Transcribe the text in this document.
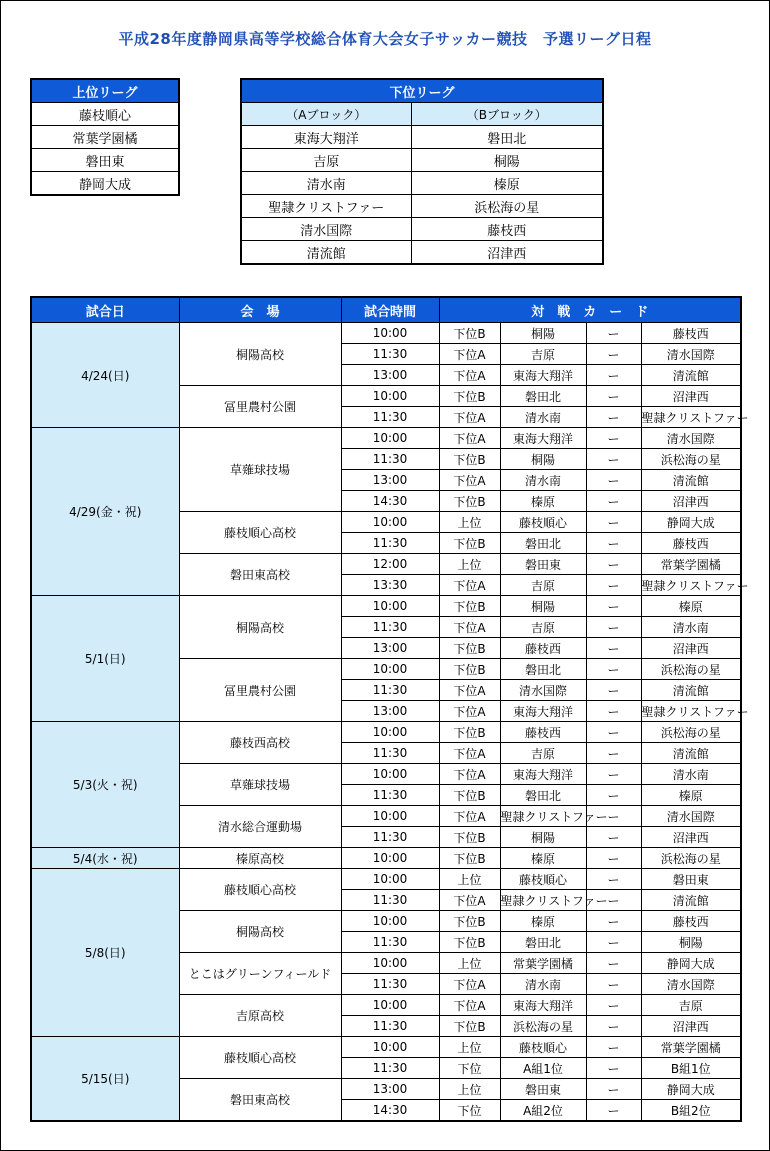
平成28年度静岡県高等学校総合体育大会女子サッカー競技　予選リーグ日程
上位リーグ
藤枝順心
常葉学園橘
磐田東
静岡大成
下位リーグ	
（Aブロック）	（Bブロック）
東海大翔洋	磐田北
吉原	桐陽
清水南	榛原
聖隷クリストファー	浜松海の星
清水国際	藤枝西
清流館	沼津西
試合日	会　場	試合時間	対　戦　カ　ー　ド			
4/24(日)	桐陽高校	10:00	下位B	桐陽	ー	藤枝西
		11:30	下位A	吉原	ー	清水国際
		13:00	下位A	東海大翔洋	ー	清流館
	冨里農村公園	10:00	下位B	磐田北	ー	沼津西
		11:30	下位A	清水南	ー	聖隷クリストファー
4/29(金・祝)	草薙球技場	10:00	下位A	東海大翔洋	ー	清水国際
		11:30	下位B	桐陽	ー	浜松海の星
		13:00	下位A	清水南	ー	清流館
		14:30	下位B	榛原	ー	沼津西
	藤枝順心高校	10:00	上位	藤枝順心	ー	静岡大成
		11:30	下位B	磐田北	ー	藤枝西
	磐田東高校	12:00	上位	磐田東	ー	常葉学園橘
		13:30	下位A	吉原	ー	聖隷クリストファー
5/1(日)	桐陽高校	10:00	下位B	桐陽	ー	榛原
		11:30	下位A	吉原	ー	清水南
		13:00	下位B	藤枝西	ー	沼津西
	冨里農村公園	10:00	下位B	磐田北	ー	浜松海の星
		11:30	下位A	清水国際	ー	清流館
		13:00	下位A	東海大翔洋	ー	聖隷クリストファー
5/3(火・祝)	藤枝西高校	10:00	下位B	藤枝西	ー	浜松海の星
		11:30	下位A	吉原	ー	清流館
	草薙球技場	10:00	下位A	東海大翔洋	ー	清水南
		11:30	下位B	磐田北	ー	榛原
	清水総合運動場	10:00	下位A	聖隷クリストファー	ー	清水国際
		11:30	下位B	桐陽	ー	沼津西
5/4(水・祝)	榛原高校	10:00	下位B	榛原	ー	浜松海の星
5/8(日)	藤枝順心高校	10:00	上位	藤枝順心	ー	磐田東
		11:30	下位A	聖隷クリストファー	ー	清流館
	桐陽高校	10:00	下位B	榛原	ー	藤枝西
		11:30	下位B	磐田北	ー	桐陽
	とこはグリーンフィールド	10:00	上位	常葉学園橘	ー	静岡大成
		11:30	下位A	清水南	ー	清水国際
	吉原高校	10:00	下位A	東海大翔洋	ー	吉原
		11:30	下位B	浜松海の星	ー	沼津西
5/15(日)	藤枝順心高校	10:00	上位	藤枝順心	ー	常葉学園橘
		11:30	下位	A組1位	ー	B組1位
	磐田東高校	13:00	上位	磐田東	ー	静岡大成
		14:30	下位	A組2位	ー	B組2位
